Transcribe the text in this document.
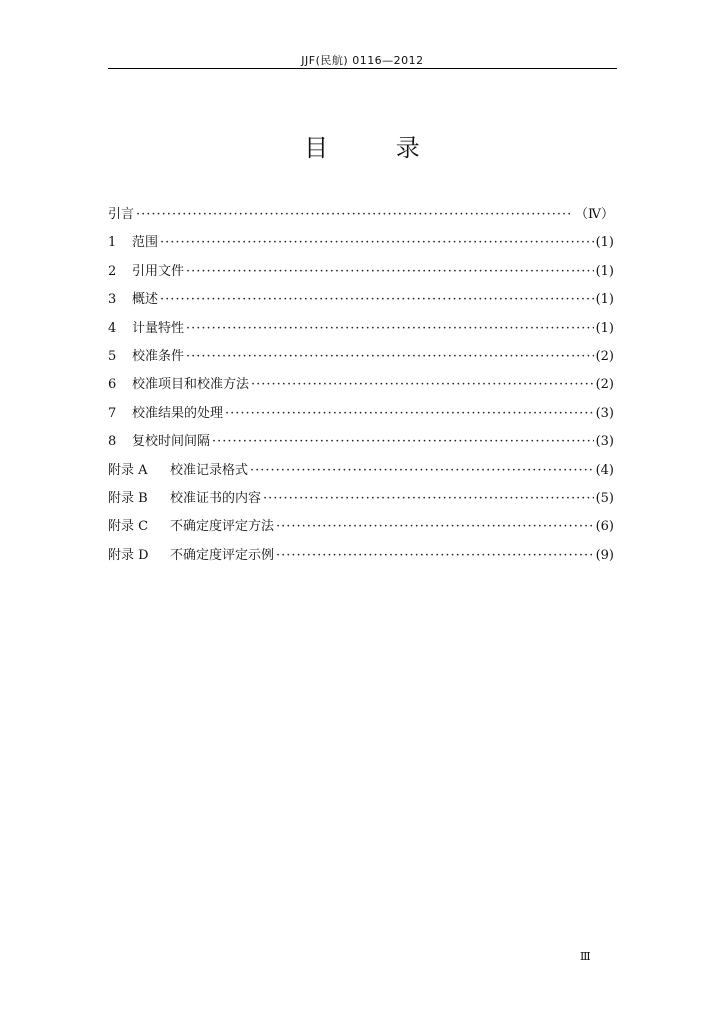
JJF(民航) 0116—2012
目 录
引言 ·····	（Ⅳ）
1	范围 ·····	(1)
2	引用文件 ·····	(1)
3	概述 ·····	(1)
4	计量特性 ·····	(1)
5	校准条件 ·····	(2)
6	校准项目和校准方法 ·····	(2)
7	校准结果的处理 ·····	(3)
8	复校时间间隔 ·····	(3)
附录 A	校准记录格式 ·····	(4)
附录 B	校准证书的内容 ·····	(5)
附录 C	不确定度评定方法 ·····	(6)
附录 D	不确定度评定示例 ·····	(9)
Ⅲ
